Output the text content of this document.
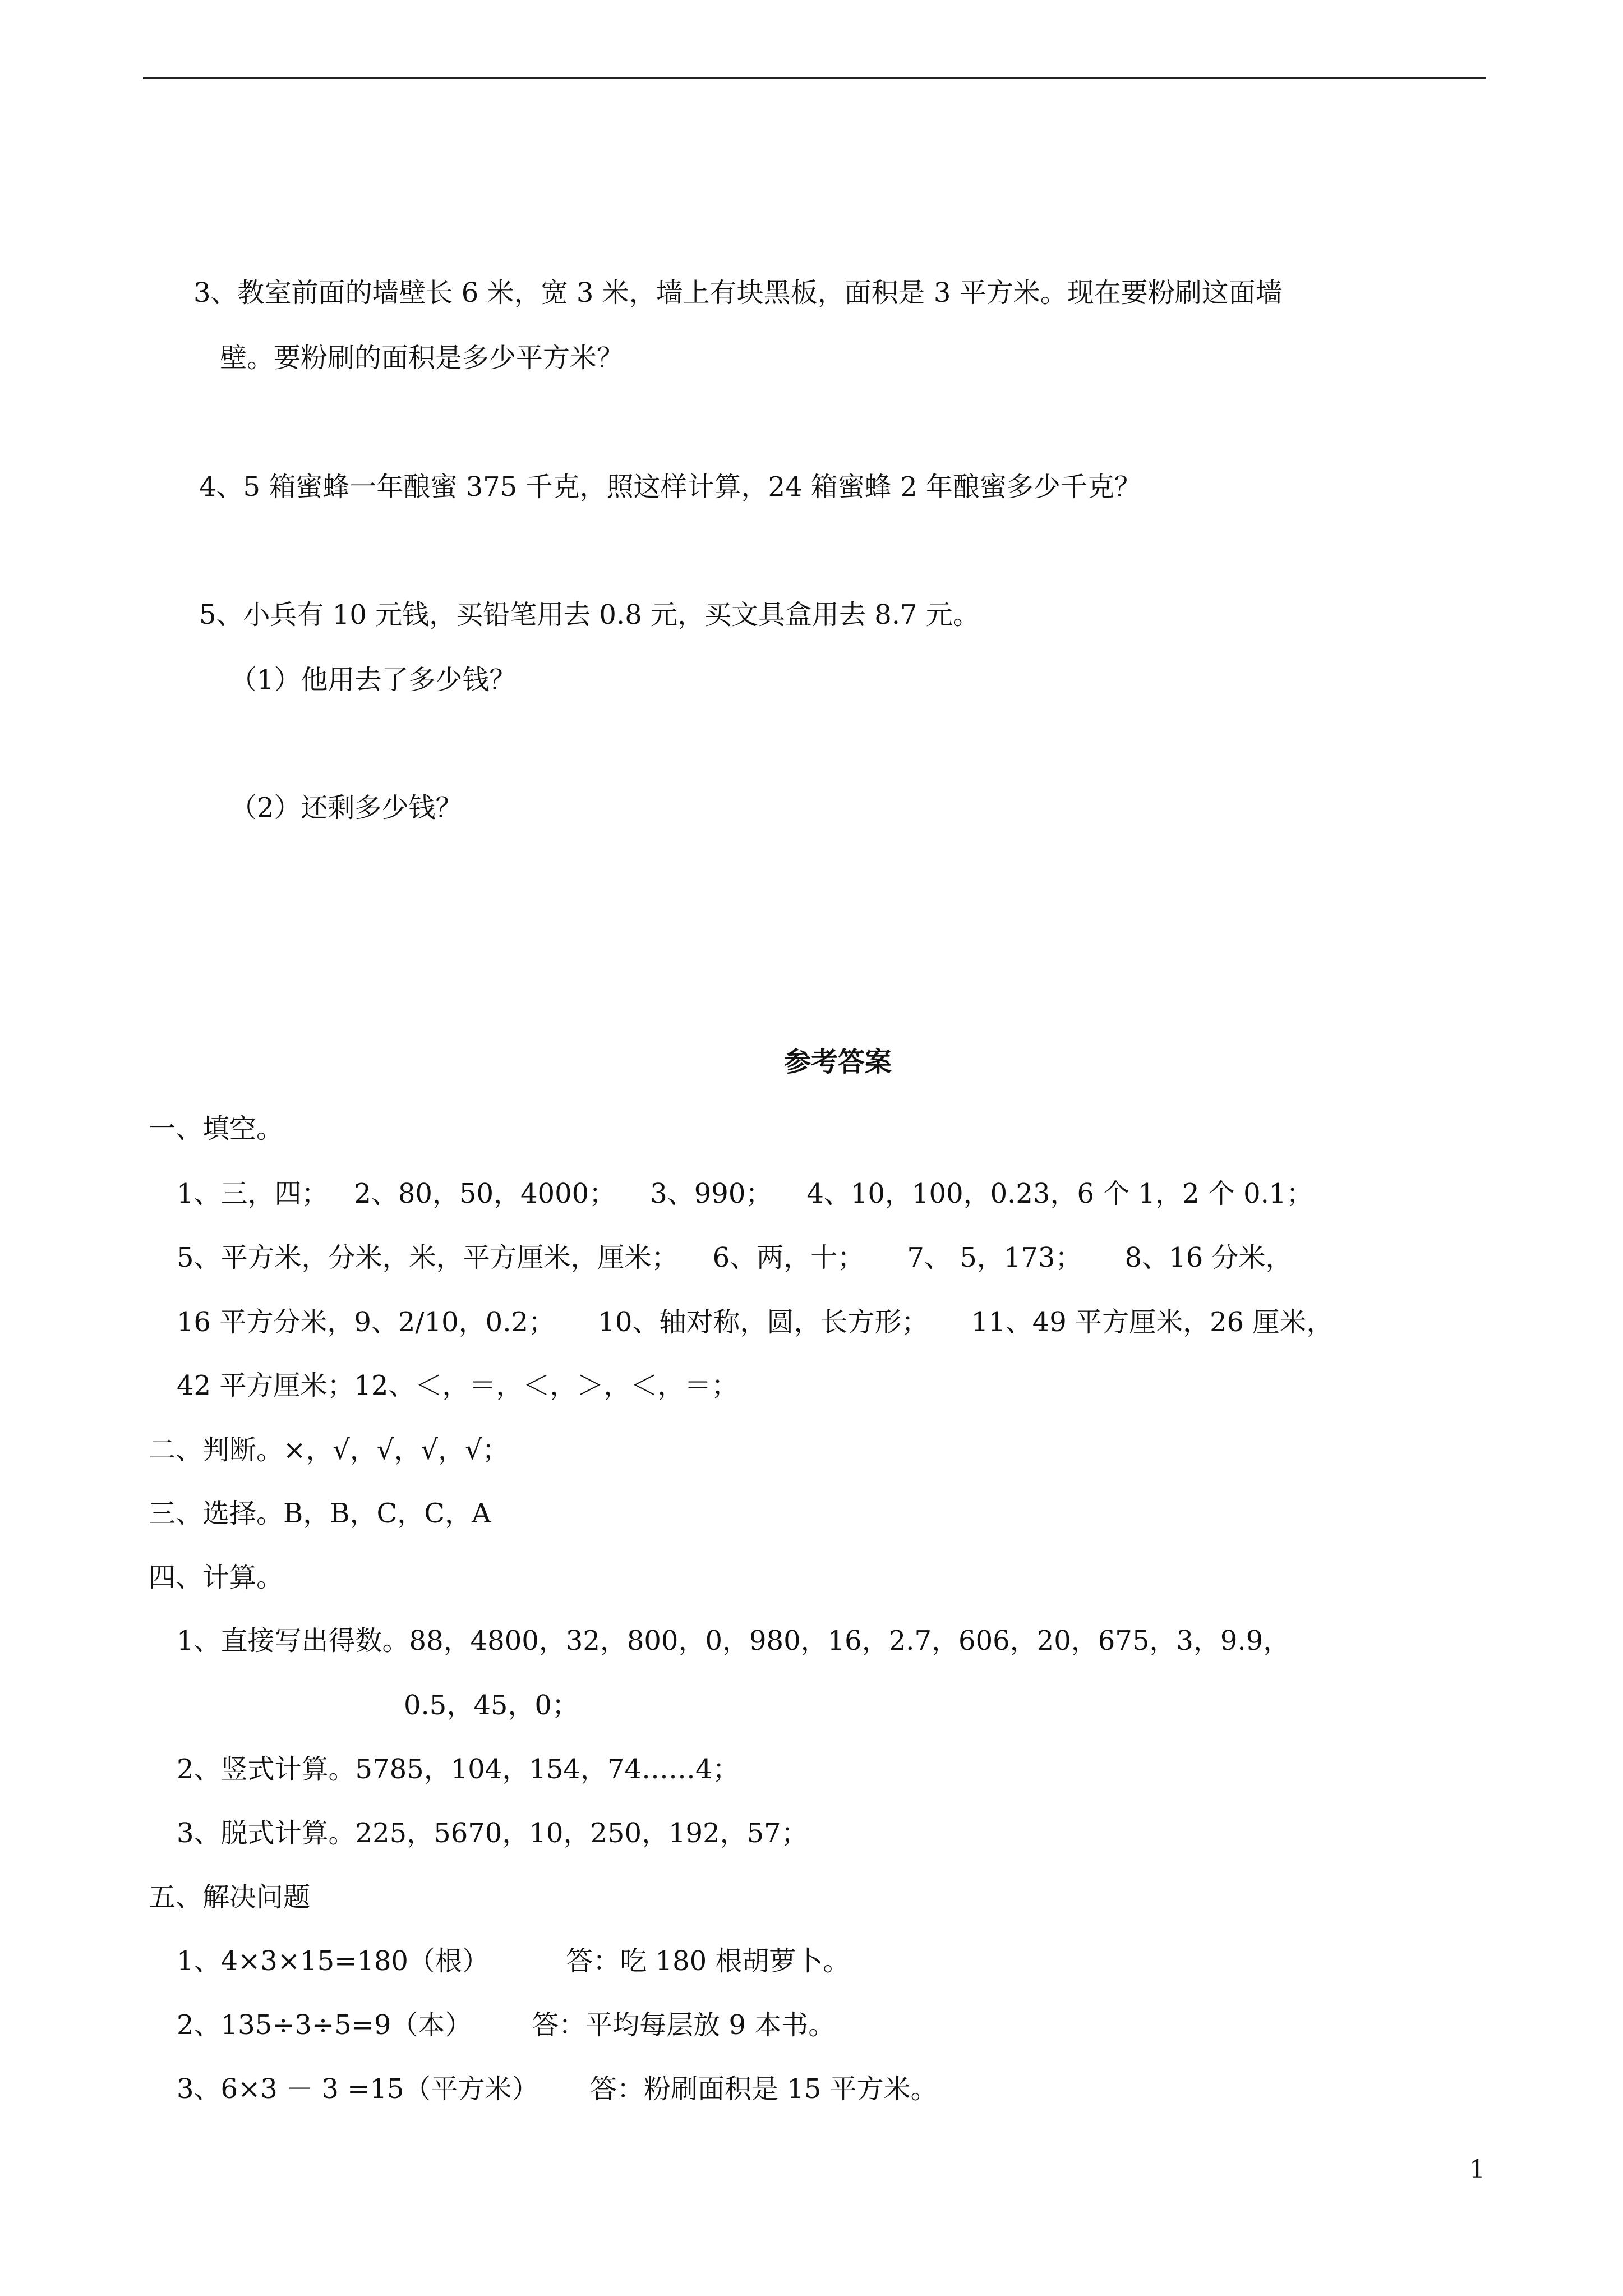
3、教室前面的墙壁长 6 米，宽 3 米，墙上有块黑板，面积是 3 平方米。现在要粉刷这面墙
壁。要粉刷的面积是多少平方米？
4、5 箱蜜蜂一年酿蜜 375 千克，照这样计算，24 箱蜜蜂 2 年酿蜜多少千克？
5、小兵有 10 元钱，买铅笔用去 0.8 元，买文具盒用去 8.7 元。
（1）他用去了多少钱？
（2）还剩多少钱？
参考答案
一、填空。
1、三，四；   2、80，50，4000；    3、990；    4、10，100，0.23，6 个 1，2 个 0.1；
5、平方米，分米，米，平方厘米，厘米；    6、两，十；     7、 5，173；     8、16 分米，
16 平方分米，9、2/10，0.2；     10、轴对称，圆，长方形；     11、49 平方厘米，26 厘米，
42 平方厘米；12、＜，＝，＜，＞，＜，＝；
二、判断。×，√，√，√，√；
三、选择。B，B，C，C，A
四、计算。
1、直接写出得数。88，4800，32，800，0，980，16，2.7，606，20，675，3，9.9，
0.5，45，0；
2、竖式计算。5785，104，154，74……4；
3、脱式计算。225，5670，10，250，192，57；
五、解决问题
1、4×3×15=180（根）         答：吃 180 根胡萝卜。
2、135÷3÷5=9（本）       答：平均每层放 9 本书。
3、6×3 － 3 =15（平方米）      答：粉刷面积是 15 平方米。
1
